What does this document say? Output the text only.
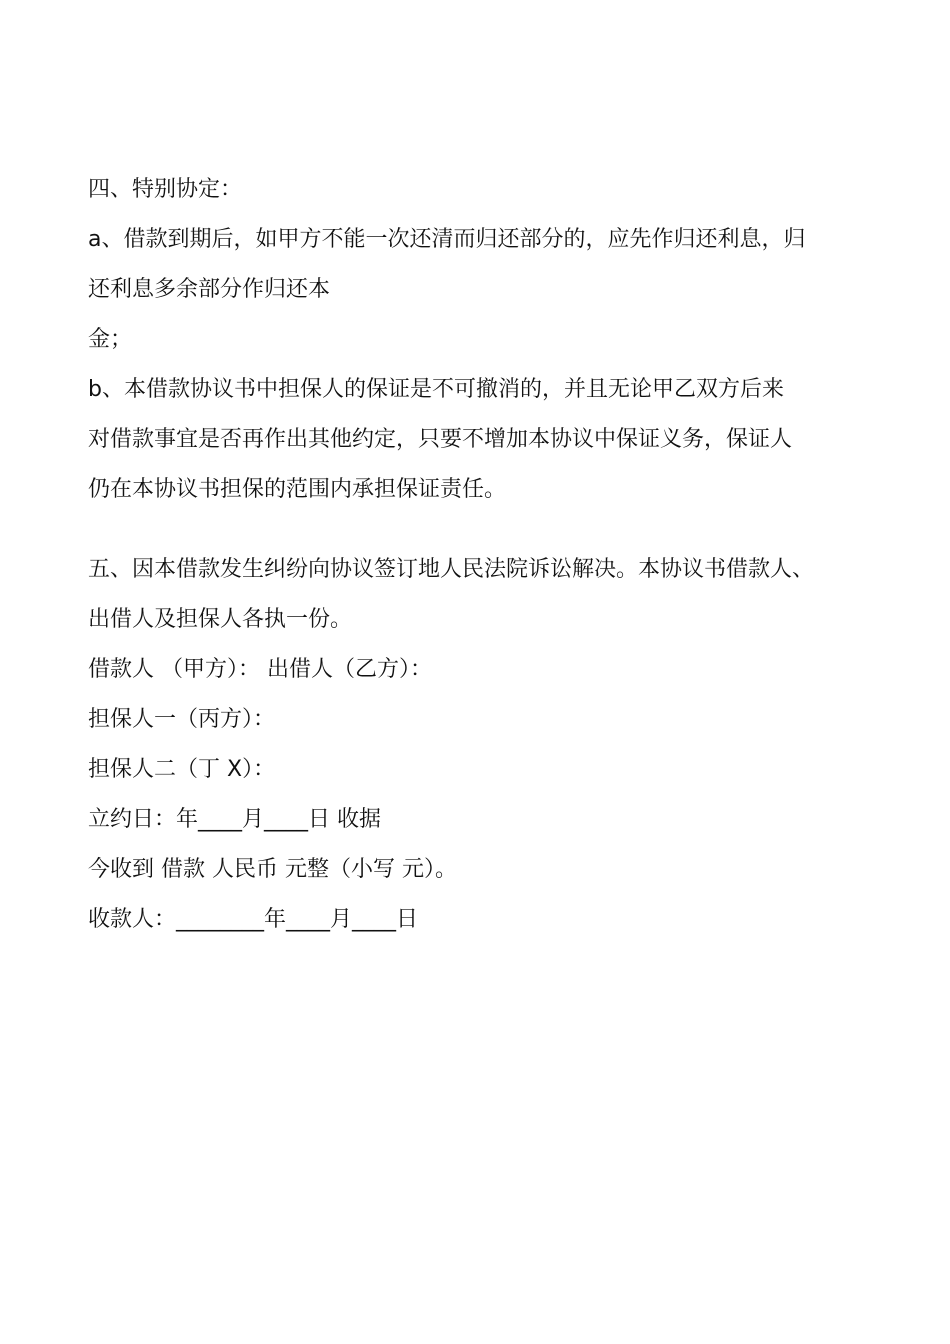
四、特别协定：
a、借款到期后，如甲方不能一次还清而归还部分的，应先作归还利息，归
还利息多余部分作归还本
金；
b、本借款协议书中担保人的保证是不可撤消的，并且无论甲乙双方后来
对借款事宜是否再作出其他约定，只要不增加本协议中保证义务，保证人
仍在本协议书担保的范围内承担保证责任。
五、因本借款发生纠纷向协议签订地人民法院诉讼解决。本协议书借款人、
出借人及担保人各执一份。
借款人 （甲方）： 出借人（乙方）：
担保人一（丙方）：
担保人二（丁 X）：
立约日：年____月____日 收据
今收到 借款 人民币 元整（小写 元）。
收款人：________年____月____日
